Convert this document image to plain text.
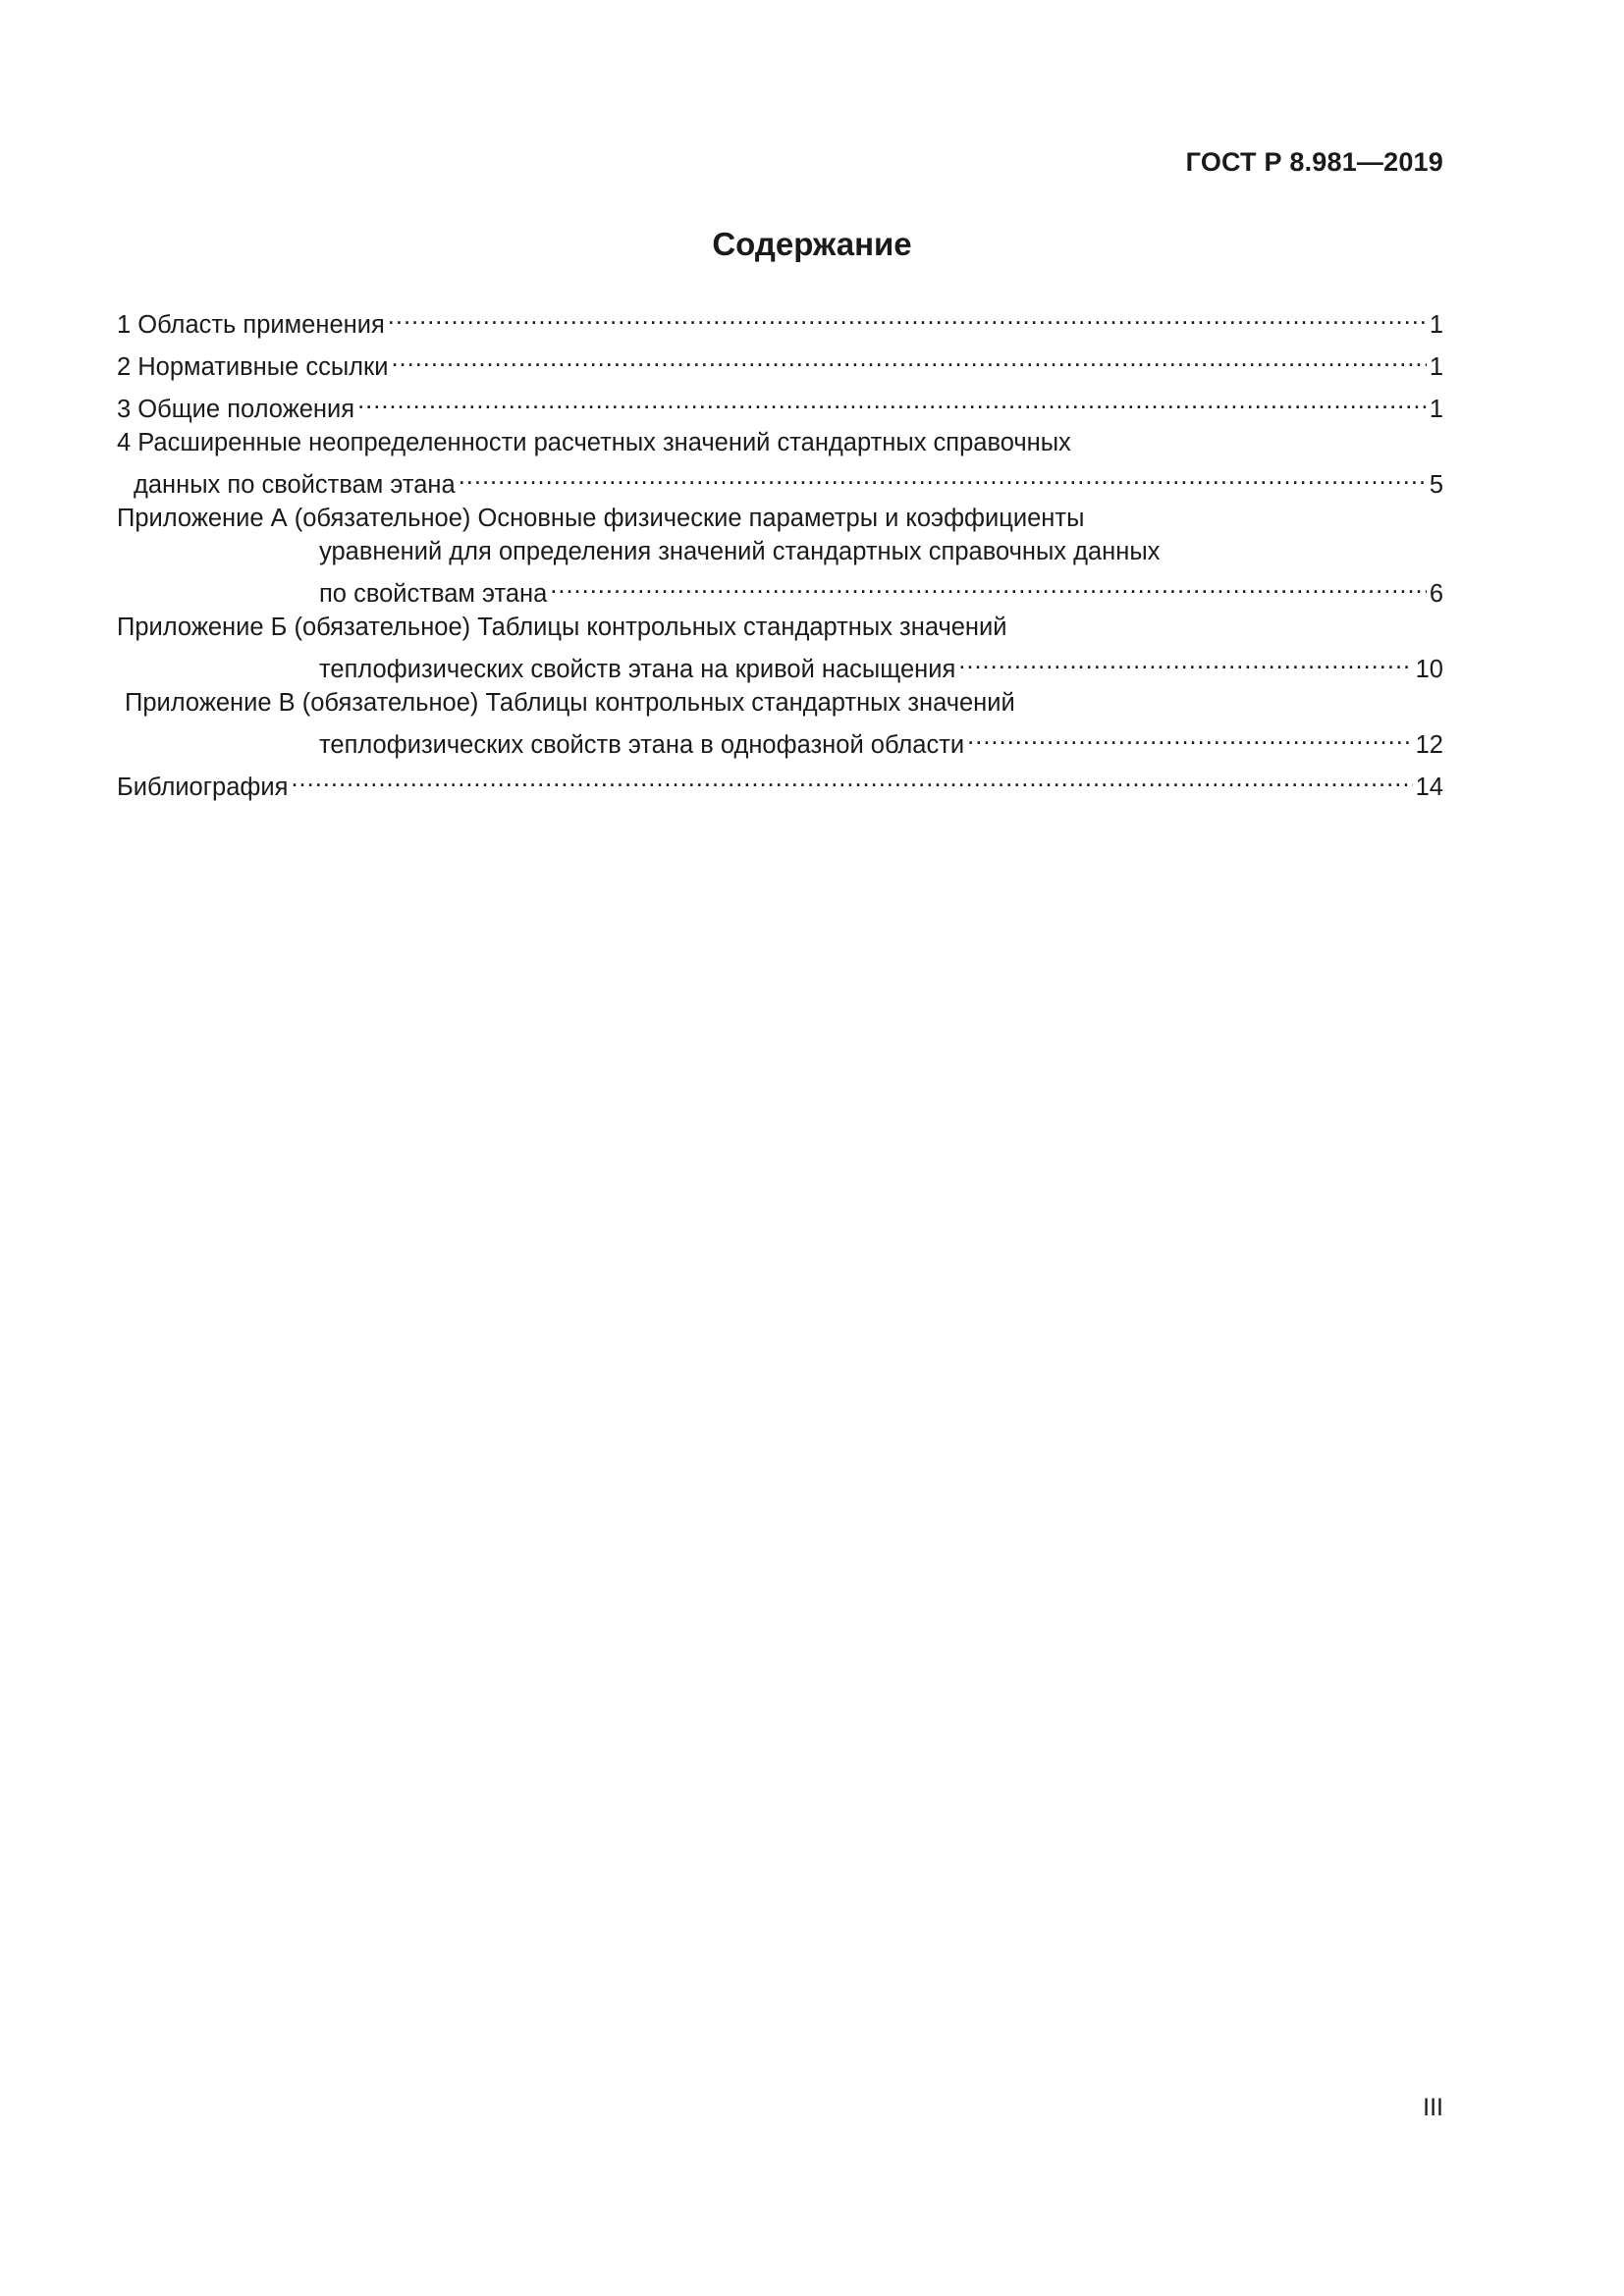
ГОСТ Р 8.981—2019
Содержание
1 Область применения .....	1
2 Нормативные ссылки .....	1
3 Общие положения .....	1
4 Расширенные неопределенности расчетных значений стандартных справочных
данных по свойствам этана .....	5
Приложение А (обязательное) Основные физические параметры и коэффициенты
уравнений для определения значений стандартных справочных данных
по свойствам этана .....	6
Приложение Б (обязательное) Таблицы контрольных стандартных значений
теплофизических свойств этана на кривой насыщения .....	10
Приложение В (обязательное) Таблицы контрольных стандартных значений
теплофизических свойств этана в однофазной области .....	12
Библиография .....	14
III
